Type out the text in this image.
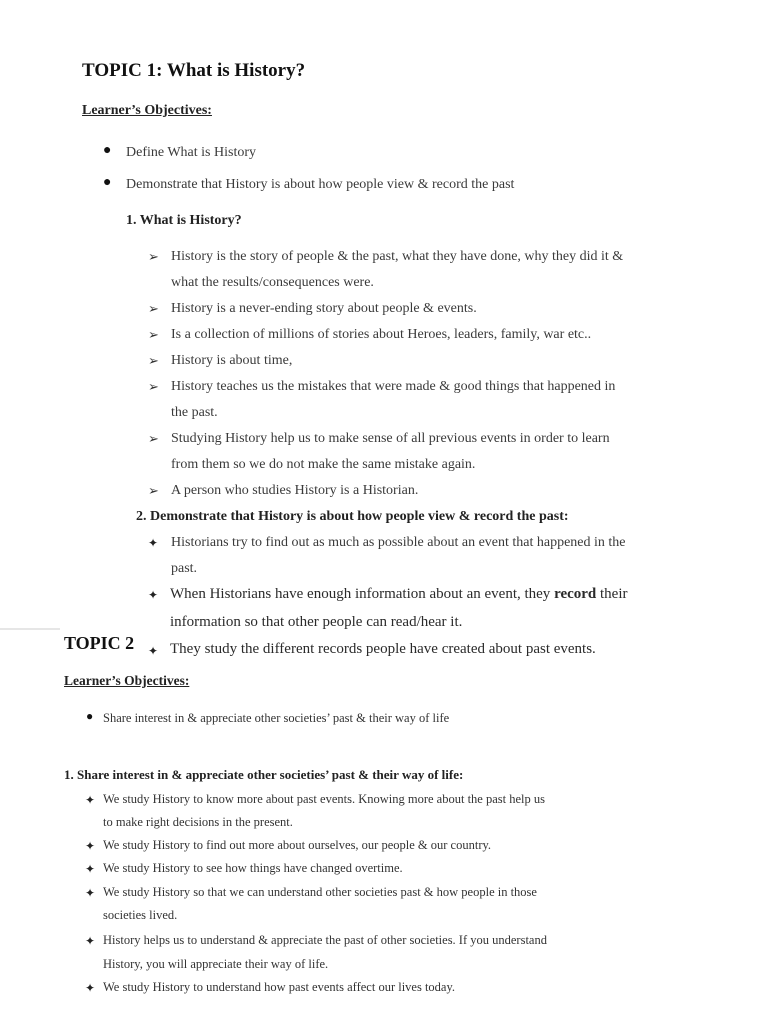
TOPIC 1: What is History?
Learner’s Objectives:
● Define What is History
● Demonstrate that History is about how people view & record the past
1. What is History?
➢ History is the story of people & the past, what they have done, why they did it &
what the results/consequences were.
➢ History is a never-ending story about people & events.
➢ Is a collection of millions of stories about Heroes, leaders, family, war etc..
➢ History is about time,
➢ History teaches us the mistakes that were made & good things that happened in
the past.
➢ Studying History help us to make sense of all previous events in order to learn
from them so we do not make the same mistake again.
➢ A person who studies History is a Historian.
2. Demonstrate that History is about how people view & record the past:
✦ Historians try to find out as much as possible about an event that happened in the
past.
✦ When Historians have enough information about an event, they record their
information so that other people can read/hear it.
TOPIC 2 ✦ They study the different records people have created about past events.
Learner’s Objectives:
● Share interest in & appreciate other societies’ past & their way of life
1. Share interest in & appreciate other societies’ past & their way of life:
✦ We study History to know more about past events. Knowing more about the past help us
to make right decisions in the present.
✦ We study History to find out more about ourselves, our people & our country.
✦ We study History to see how things have changed overtime.
✦ We study History so that we can understand other societies past & how people in those
societies lived.
✦ History helps us to understand & appreciate the past of other societies. If you understand
History, you will appreciate their way of life.
✦ We study History to understand how past events affect our lives today.
